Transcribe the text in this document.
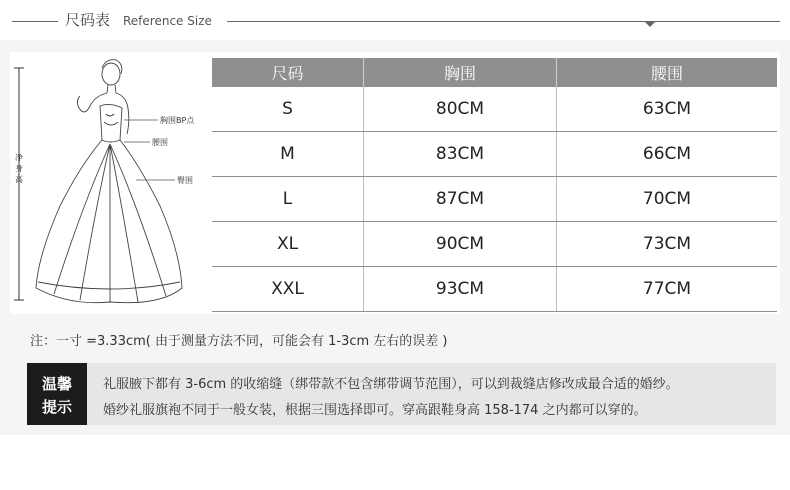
尺码表 Reference Size
净
身
高
胸围BP点
腰围
臀围
尺码	胸围	腰围
S	80CM	63CM
M	83CM	66CM
L	87CM	70CM
XL	90CM	73CM
XXL	93CM	77CM
注：一寸 =3.33cm( 由于测量方法不同，可能会有 1-3cm 左右的误差 )
温馨
提示
礼服腋下都有 3-6cm 的收缩缝（绑带款不包含绑带调节范围），可以到裁缝店修改成最合适的婚纱。
婚纱礼服旗袍不同于一般女装，根据三围选择即可。穿高跟鞋身高 158-174 之内都可以穿的。
